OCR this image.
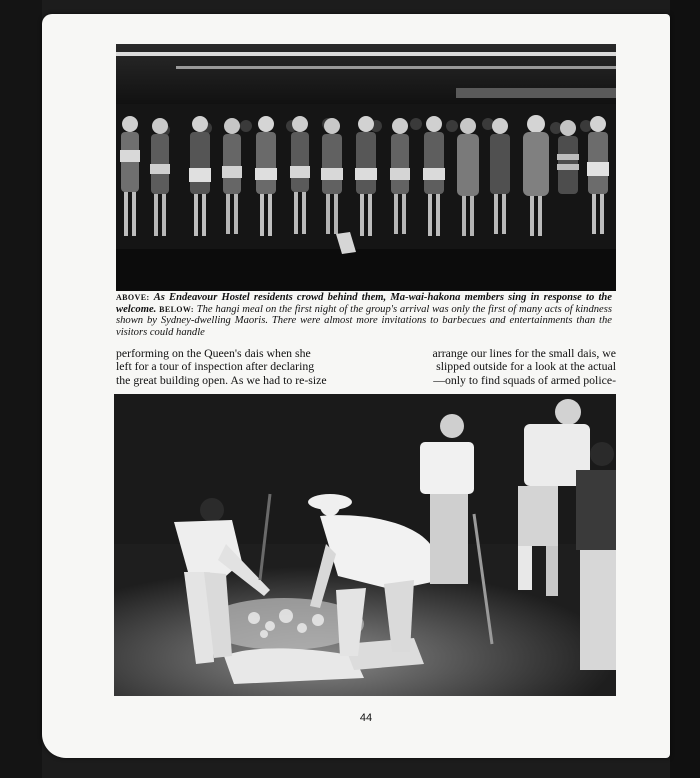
ABOVE: As Endeavour Hostel residents crowd behind them, Ma-wai-hakona members sing in response to the welcome. BELOW: The hangi meal on the first night of the group's arrival was only the first of many acts of kindness shown by Sydney-dwelling Maoris. There were almost more invitations to barbecues and entertainments than the visitors could handle
performing on the Queen's dais when she	arrange our lines for the small dais, we
left for a tour of inspection after declaring	slipped outside for a look at the actual
the great building open. As we had to re-size	—only to find squads of armed police-
44
